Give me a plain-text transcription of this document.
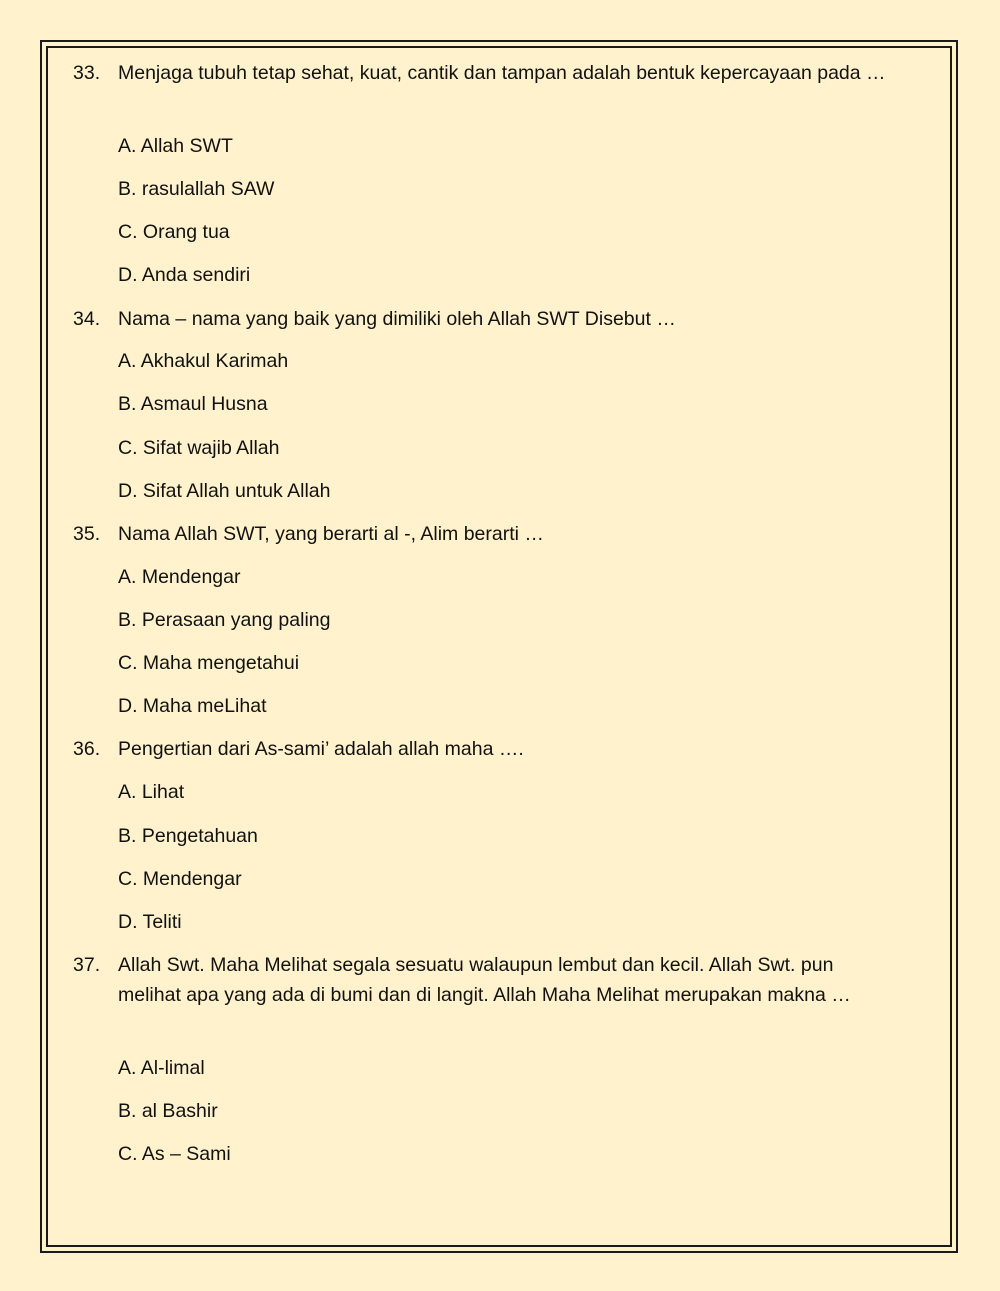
33. Menjaga tubuh tetap sehat, kuat, cantik dan tampan adalah bentuk kepercayaan pada …
A. Allah SWT
B. rasulallah SAW
C. Orang tua
D. Anda sendiri
34. Nama – nama yang baik yang dimiliki oleh Allah SWT Disebut …
A. Akhakul Karimah
B. Asmaul Husna
C. Sifat wajib Allah
D. Sifat Allah untuk Allah
35. Nama Allah SWT, yang berarti al -, Alim berarti …
A. Mendengar
B. Perasaan yang paling
C. Maha mengetahui
D. Maha meLihat
36. Pengertian dari As-sami’ adalah allah maha ….
A. Lihat
B. Pengetahuan
C. Mendengar
D. Teliti
37. Allah Swt. Maha Melihat segala sesuatu walaupun lembut dan kecil. Allah Swt. pun melihat apa yang ada di bumi dan di langit. Allah Maha Melihat merupakan makna …
A. Al-limal
B. al Bashir
C. As – Sami
